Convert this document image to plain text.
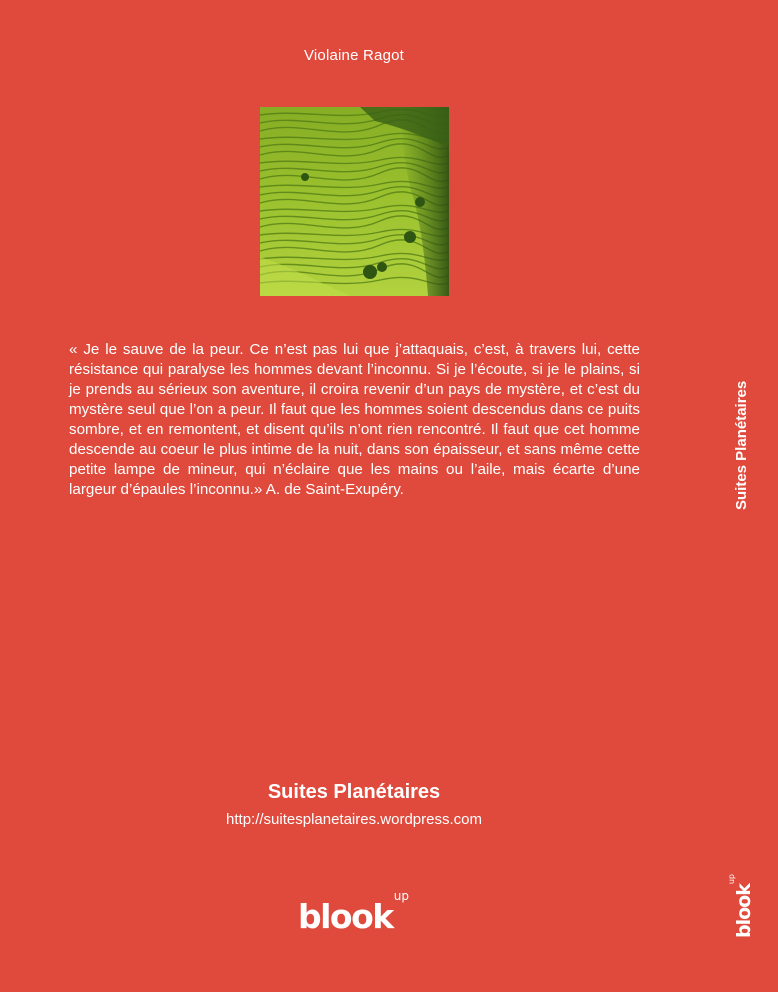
Violaine Ragot

« Je le sauve de la peur. Ce n’est pas lui que j’attaquais, c’est, à travers lui, cette résistance qui paralyse les hommes devant l’inconnu. Si je l’écoute, si je le plains, si je prends au sérieux son aventure, il croira revenir d’un pays de mystère, et c’est du mystère seul que l’on a peur. Il faut que les hommes soient descendus dans ce puits sombre, et en remontent, et disent qu’ils n’ont rien rencontré. Il faut que cet homme descende au coeur le plus intime de la nuit, dans son épaisseur, et sans même cette petite lampe de mineur, qui n’éclaire que les mains ou l’aile, mais écarte d’une largeur d’épaules l’inconnu.» A. de Saint-Exupéry.	Suites Planétaires
Suites Planétaires
http://suitesplanetaires.wordpress.com
blook$^{up}$	blook$^{up}$
